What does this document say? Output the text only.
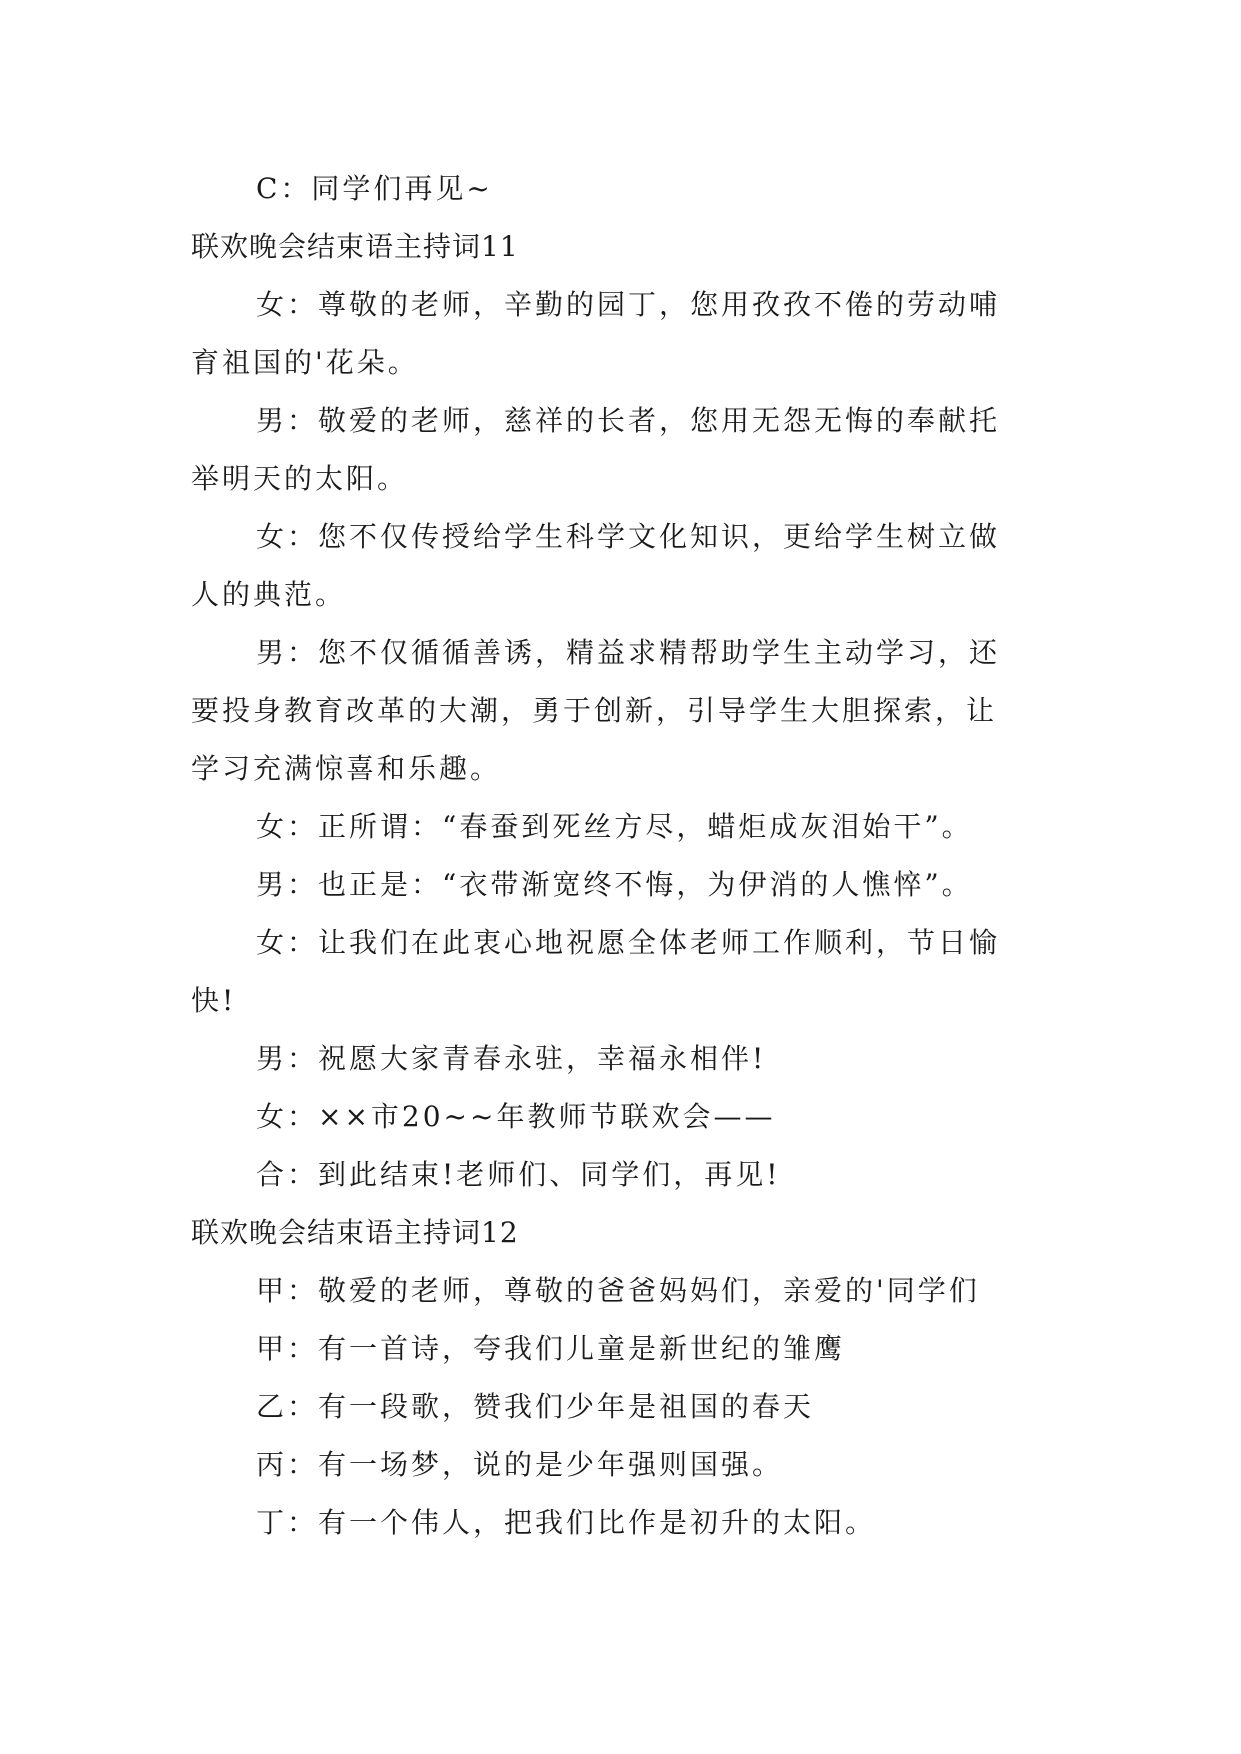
C：同学们再见~
联欢晚会结束语主持词11
女：尊敬的老师，辛勤的园丁，您用孜孜不倦的劳动哺
育祖国的'花朵。
男：敬爱的老师，慈祥的长者，您用无怨无悔的奉献托
举明天的太阳。
女：您不仅传授给学生科学文化知识，更给学生树立做
人的典范。
男：您不仅循循善诱，精益求精帮助学生主动学习，还
要投身教育改革的大潮，勇于创新，引导学生大胆探索，让
学习充满惊喜和乐趣。
女：正所谓：“春蚕到死丝方尽，蜡炬成灰泪始干”。
男：也正是：“衣带渐宽终不悔，为伊消的人憔悴”。
女：让我们在此衷心地祝愿全体老师工作顺利，节日愉
快!
男：祝愿大家青春永驻，幸福永相伴!
女：××市20~~年教师节联欢会——
合：到此结束!老师们、同学们，再见!
联欢晚会结束语主持词12
甲：敬爱的老师，尊敬的爸爸妈妈们，亲爱的'同学们
甲：有一首诗，夸我们儿童是新世纪的雏鹰
乙：有一段歌，赞我们少年是祖国的春天
丙：有一场梦，说的是少年强则国强。
丁：有一个伟人，把我们比作是初升的太阳。
